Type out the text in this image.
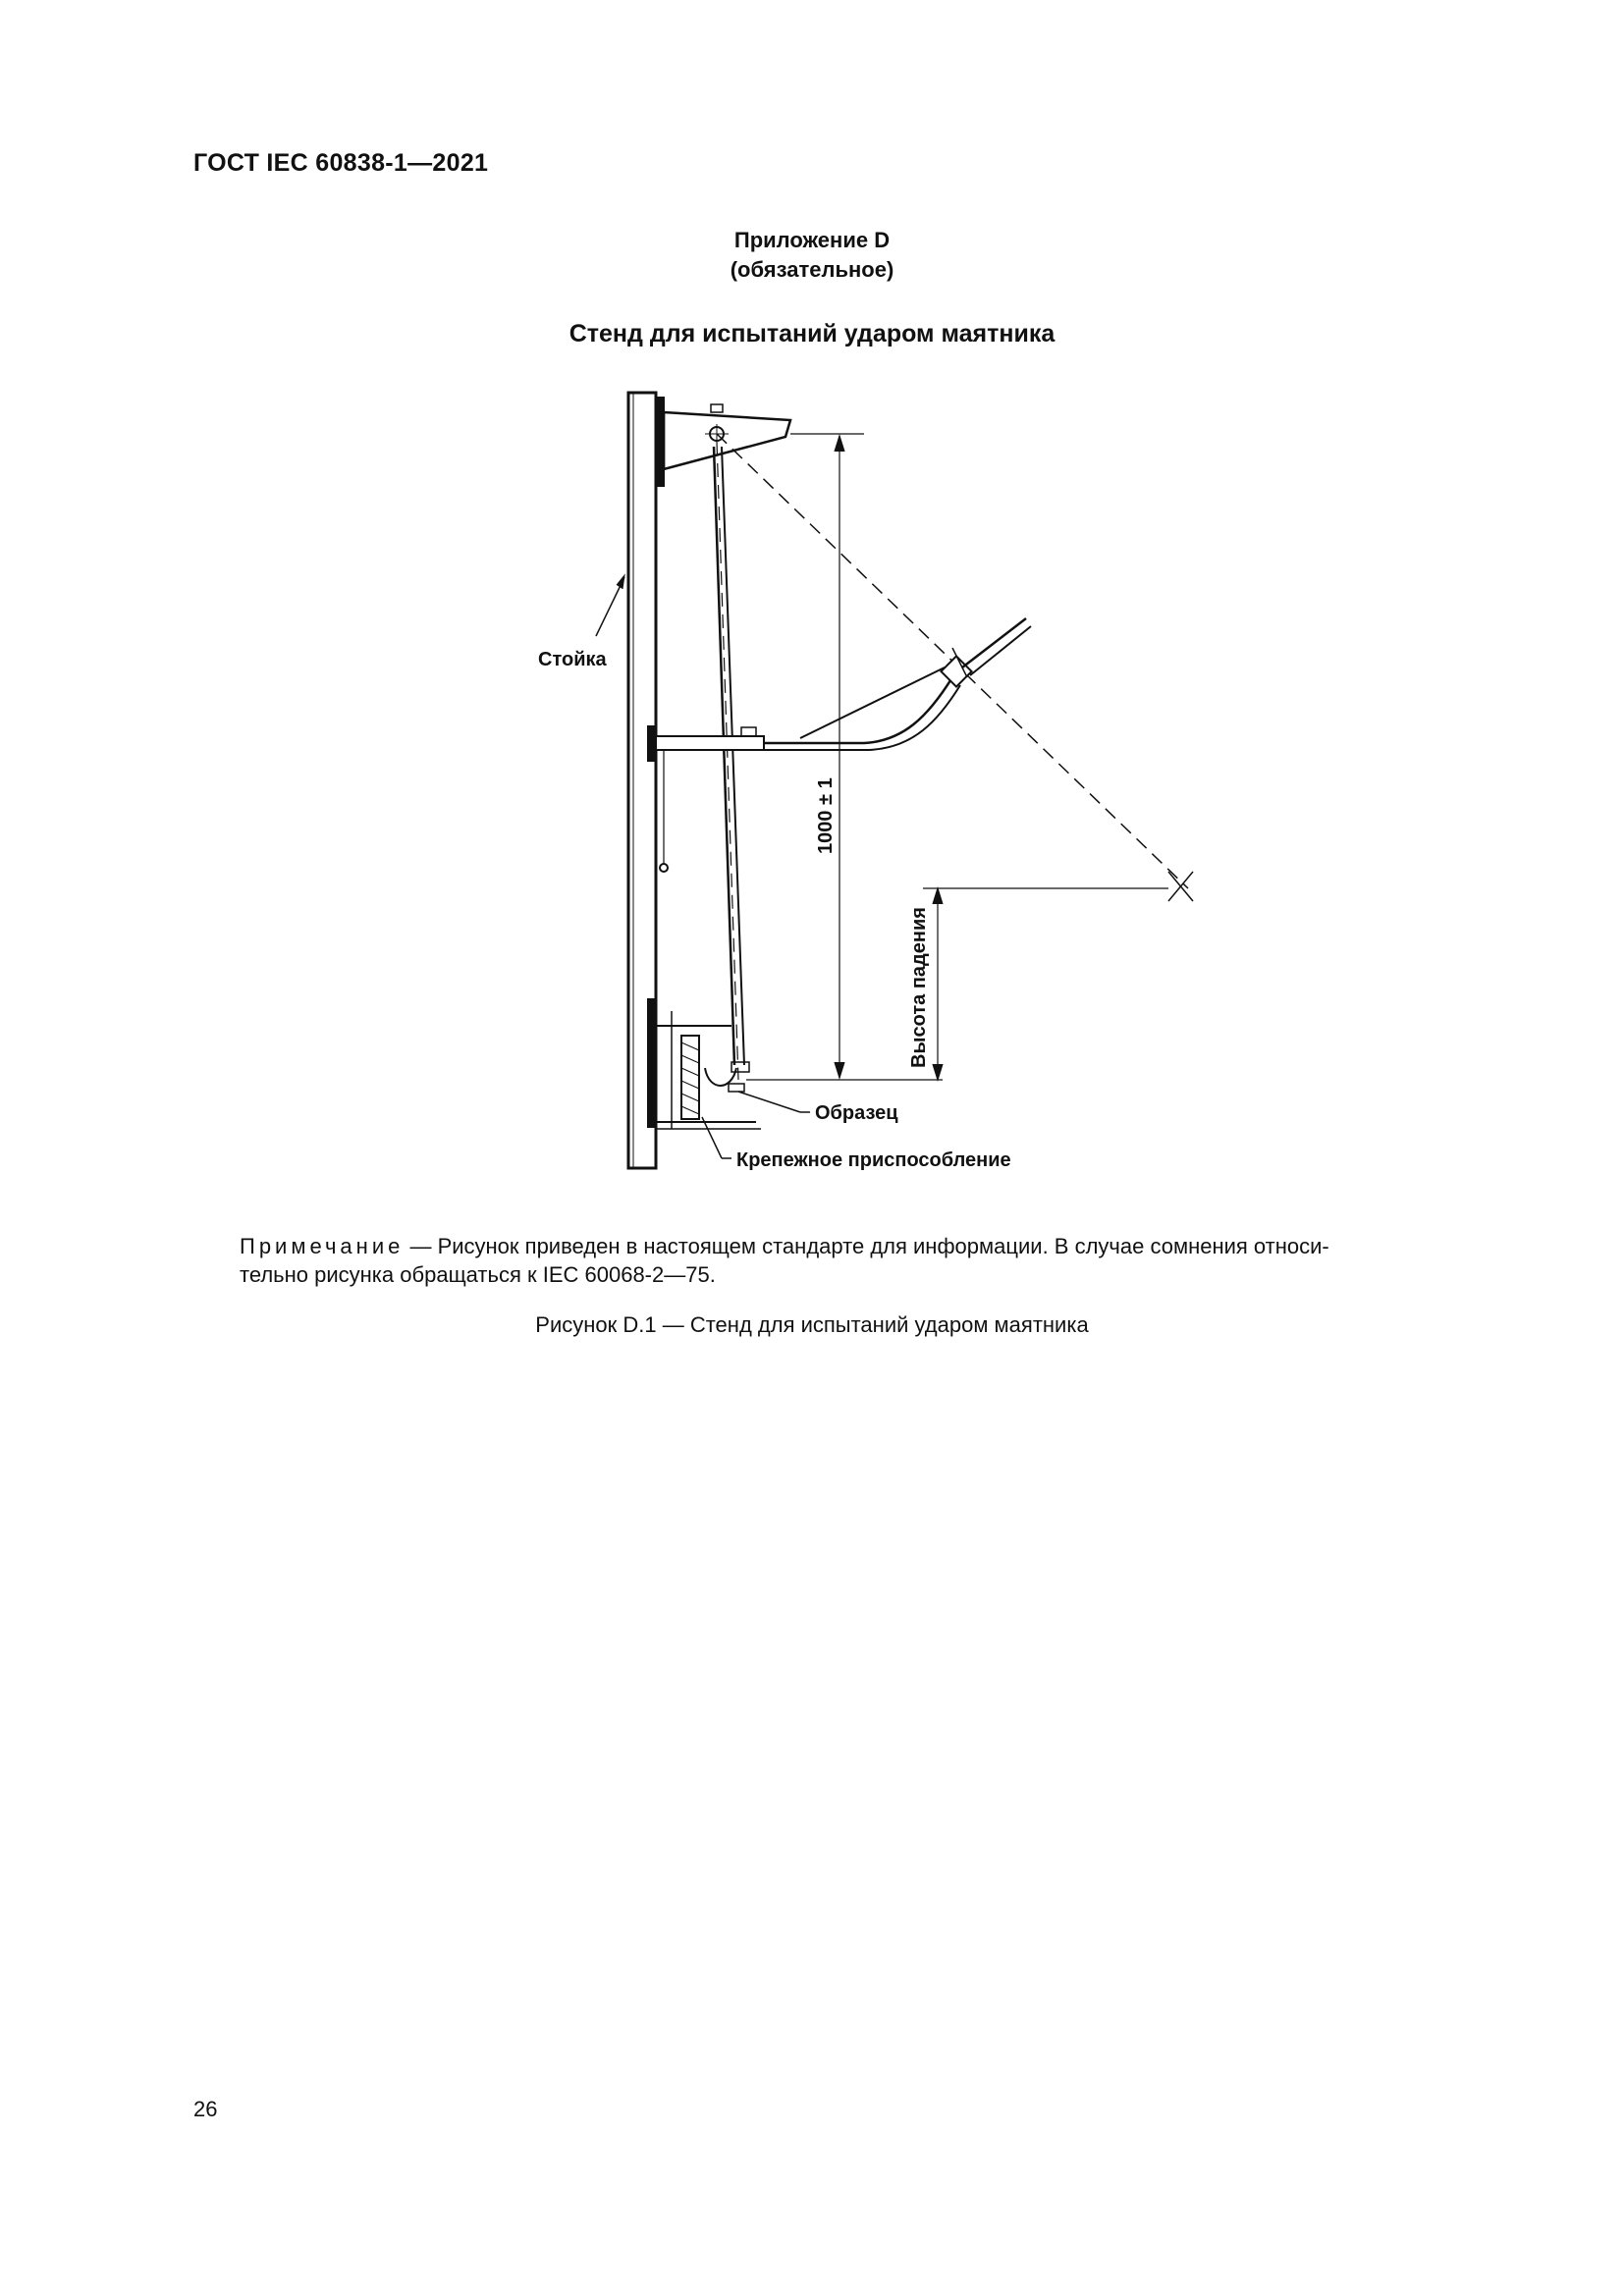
ГОСТ IEC 60838-1—2021
Приложение D
(обязательное)
Стенд для испытаний ударом маятника
Стойка
1000 ± 1
Высота падения
Образец
Крепежное приспособление
Примечание — Рисунок приведен в настоящем стандарте для информации. В случае сомнения относи-
тельно рисунка обращаться к IEC 60068-2—75.
Рисунок D.1 — Стенд для испытаний ударом маятника
26
